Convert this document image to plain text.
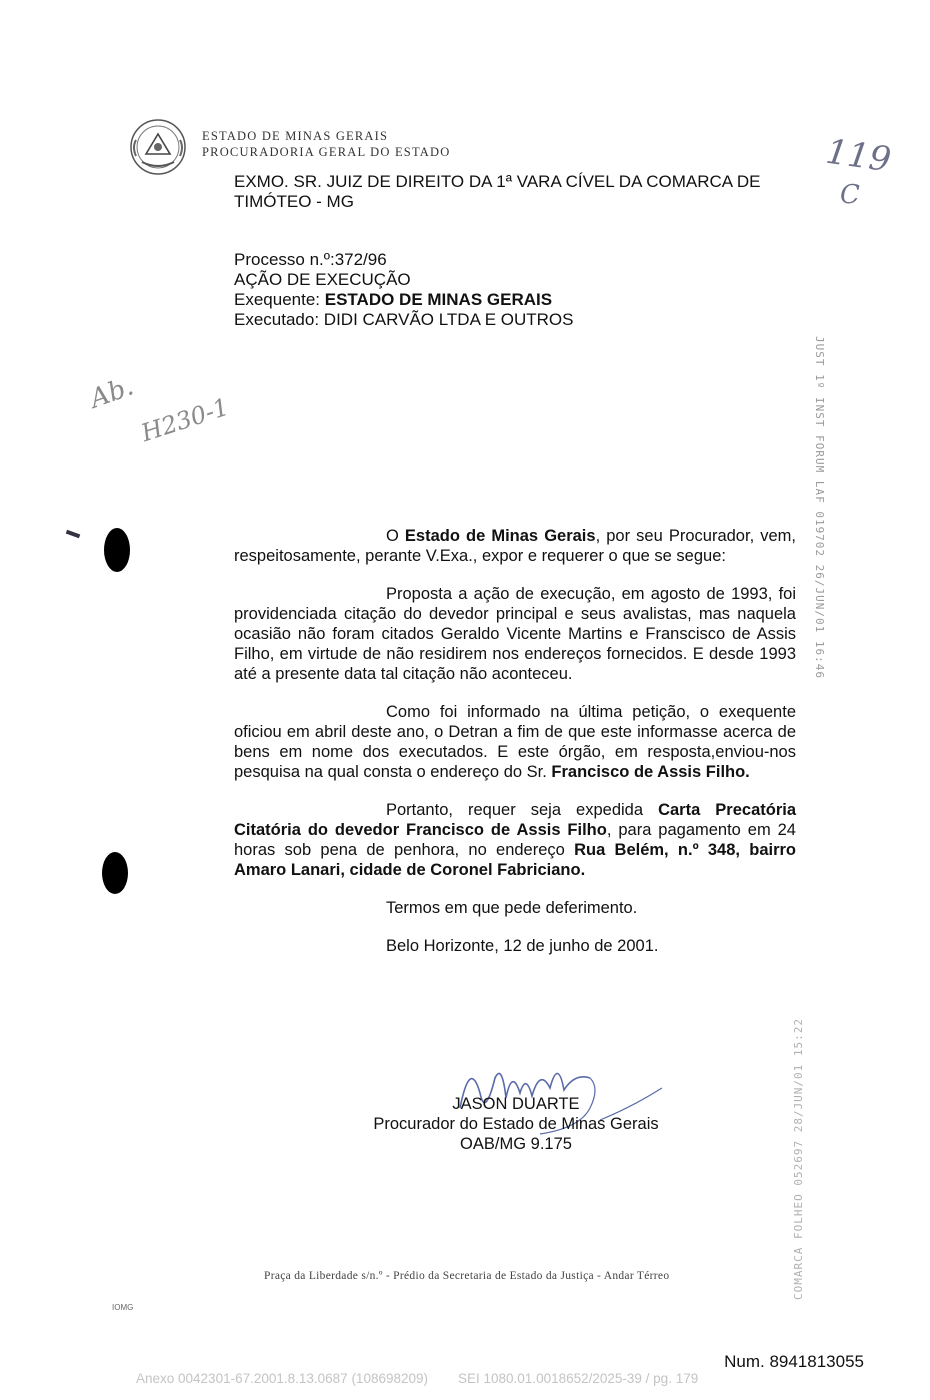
ESTADO DE MINAS GERAIS
PROCURADORIA GERAL DO ESTADO
EXMO. SR. JUIZ DE DIREITO DA 1ª VARA CÍVEL DA COMARCA DE
TIMÓTEO - MG
Processo n.º:372/96
AÇÃO DE EXECUÇÃO
Exequente: ESTADO DE MINAS GERAIS
Executado: DIDI CARVÃO LTDA E OUTROS
O Estado de Minas Gerais, por seu Procurador, vem, respeitosamente, perante V.Exa., expor e requerer o que se segue:
Proposta a ação de execução, em agosto de 1993, foi providenciada citação do devedor principal e seus avalistas, mas naquela ocasião não foram citados Geraldo Vicente Martins e Franscisco de Assis Filho, em virtude de não residirem nos endereços fornecidos. E desde 1993 até a presente data tal citação não aconteceu.
Como foi informado na última petição, o exequente oficiou em abril deste ano, o Detran a fim de que este informasse acerca de bens em nome dos executados. E este órgão, em resposta,enviou-nos pesquisa na qual consta o endereço do Sr. Francisco de Assis Filho.
Portanto, requer seja expedida Carta Precatória Citatória do devedor Francisco de Assis Filho, para pagamento em 24 horas sob pena de penhora, no endereço Rua Belém, n.º 348, bairro Amaro Lanari, cidade de Coronel Fabriciano.
Termos em que pede deferimento.
Belo Horizonte, 12 de junho de 2001.
JASON DUARTE
Procurador do Estado de Minas Gerais
OAB/MG 9.175
119
C
Ab. H230-1	JUST 1º INST FORUM LAF 019702 26/JUN/01 16:46
COMARCA FOLHEO 052697 28/JUN/01 15:22
Praça da Liberdade s/n.º - Prédio da Secretaria de Estado da Justiça - Andar Térreo
IOMG
Num. 8941813055
Anexo 0042301-67.2001.8.13.0687 (108698209)        SEI 1080.01.0018652/2025-39 / pg. 179
